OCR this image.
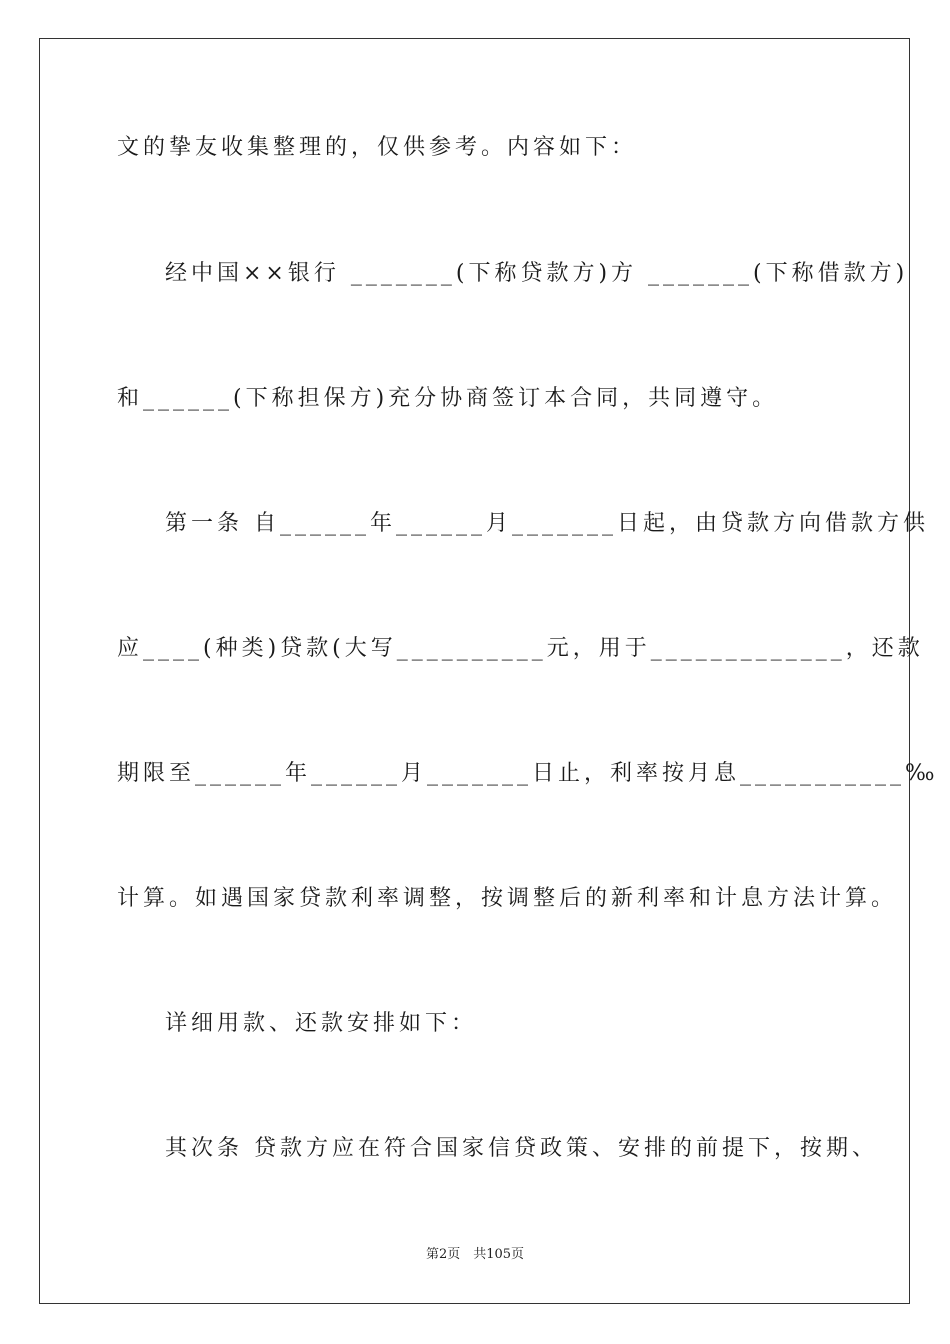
文的挚友收集整理的，仅供参考。内容如下：
经中国××银行 _______(下称贷款方)方 _______(下称借款方)
和______(下称担保方)充分协商签订本合同，共同遵守。
第一条 自______年______月_______日起，由贷款方向借款方供
应____(种类)贷款(大写__________元，用于_____________，还款
期限至______年______月_______日止，利率按月息___________‰
计算。如遇国家贷款利率调整，按调整后的新利率和计息方法计算。
详细用款、还款安排如下：
其次条 贷款方应在符合国家信贷政策、安排的前提下，按期、
第2页　共105页
